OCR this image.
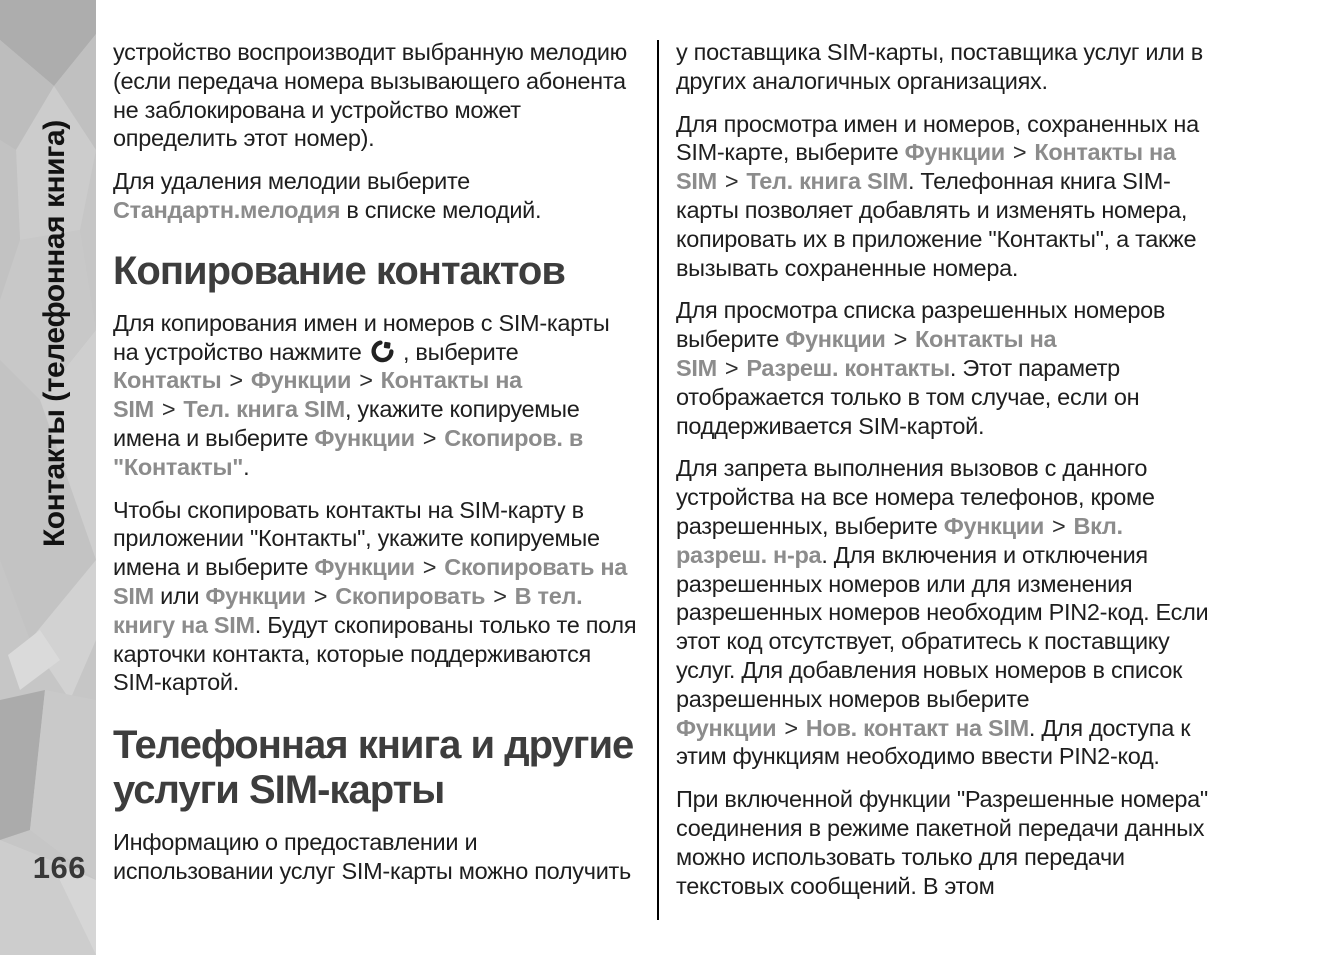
Контакты (телефонная книга)
166

устройство воспроизводит выбранную мелодию (если передача номера вызывающего абонента не заблокирована и устройство может определить этот номер).

Для удаления мелодии выберите Стандартн.мелодия в списке мелодий.

Копирование контактов

Для копирования имен и номеров с SIM-карты на устройство нажмите
, выберите Контакты > Функции > Контакты на SIM > Тел. книга SIM, укажите копируемые имена и выберите Функции > Скопиров. в "Контакты".

Чтобы скопировать контакты на SIM-карту в приложении "Контакты", укажите копируемые имена и выберите Функции > Скопировать на SIM или Функции > Скопировать > В тел. книгу на SIM. Будут скопированы только те поля карточки контакта, которые поддерживаются SIM-картой.

Телефонная книга и другие услуги SIM-карты

Информацию о предоставлении и использовании услуг SIM-карты можно получить

у поставщика SIM-карты, поставщика услуг или в других аналогичных организациях.

Для просмотра имен и номеров, сохраненных на SIM-карте, выберите Функции > Контакты на SIM > Тел. книга SIM. Телефонная книга SIM-карты позволяет добавлять и изменять номера, копировать их в приложение "Контакты", а также вызывать сохраненные номера.

Для просмотра списка разрешенных номеров выберите Функции > Контакты на SIM > Разреш. контакты. Этот параметр отображается только в том случае, если он поддерживается SIM-картой.

Для запрета выполнения вызовов с данного устройства на все номера телефонов, кроме разрешенных, выберите Функции > Вкл. разреш. н-ра. Для включения и отключения разрешенных номеров или для изменения разрешенных номеров необходим PIN2-код. Если этот код отсутствует, обратитесь к поставщику услуг. Для добавления новых номеров в список разрешенных номеров выберите Функции > Нов. контакт на SIM. Для доступа к этим функциям необходимо ввести PIN2-код.

При включенной функции "Разрешенные номера" соединения в режиме пакетной передачи данных можно использовать только для передачи текстовых сообщений. В этом
